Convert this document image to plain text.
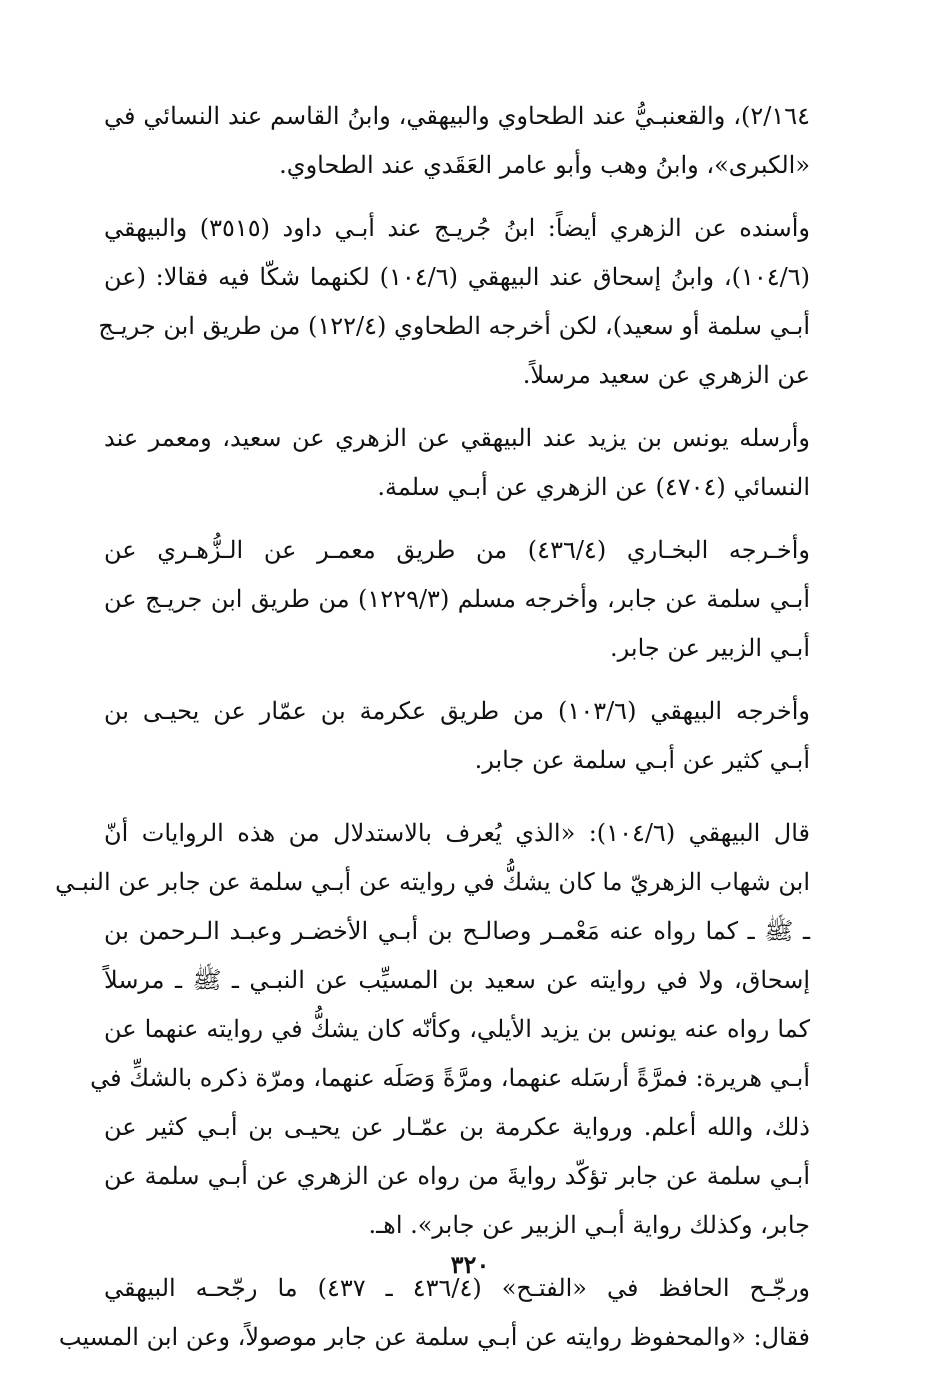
٢/١٦٤)، والقعنبـيُّ عند الطحاوي والبيهقي، وابنُ القاسم عند النسائي في
«الكبرى»، وابنُ وهب وأبو عامر العَقَدي عند الطحاوي.
وأسنده عن الزهري أيضاً: ابنُ جُريـج عند أبـي داود (٣٥١٥) والبيهقي
(١٠٤/٦)، وابنُ إسحاق عند البيهقي (١٠٤/٦) لكنهما شكّا فيه فقالا: (عن
أبـي سلمة أو سعيد)، لكن أخرجه الطحاوي (١٢٢/٤) من طريق ابن جريـج
عن الزهري عن سعيد مرسلاً.
وأرسله يونس بن يزيد عند البيهقي عن الزهري عن سعيد، ومعمر عند
النسائي (٤٧٠٤) عن الزهري عن أبـي سلمة.
وأخـرجه البخـاري (٤٣٦/٤) من طريق معمـر عن الـزُّهـري عن
أبـي سلمة عن جابر، وأخرجه مسلم (١٢٢٩/٣) من طريق ابن جريـج عن
أبـي الزبير عن جابر.
وأخرجه البيهقي (١٠٣/٦) من طريق عكرمة بن عمّار عن يحيـى بن
أبـي كثير عن أبـي سلمة عن جابر.
قال البيهقي (١٠٤/٦): «الذي يُعرف بالاستدلال من هذه الروايات أنّ
ابن شهاب الزهريّ ما كان يشكُّ في روايته عن أبـي سلمة عن جابر عن النبـي
ـ ﷺ ـ كما رواه عنه مَعْمـر وصالـح بن أبـي الأخضـر وعبـد الـرحمن بن
إسحاق، ولا في روايته عن سعيد بن المسيِّب عن النبـي ـ ﷺ ـ مرسلاً
كما رواه عنه يونس بن يزيد الأيلي، وكأنّه كان يشكُّ في روايته عنهما عن
أبـي هريرة: فمرَّةً أرسَله عنهما، ومرَّةً وَصَلَه عنهما، ومرّة ذكره بالشكِّ في
ذلك، والله أعلم. ورواية عكرمة بن عمّـار عن يحيـى بن أبـي كثير عن
أبـي سلمة عن جابر تؤكّد روايةَ من رواه عن الزهري عن أبـي سلمة عن
جابر، وكذلك رواية أبـي الزبير عن جابر». اهـ.
ورجّـح الحافظ في «الفتـح» (٤٣٦/٤ ـ ٤٣٧) ما رجّحـه البيهقي
فقال: «والمحفوظ روايته عن أبـي سلمة عن جابر موصولاً، وعن ابن المسيب
٣٢٠
